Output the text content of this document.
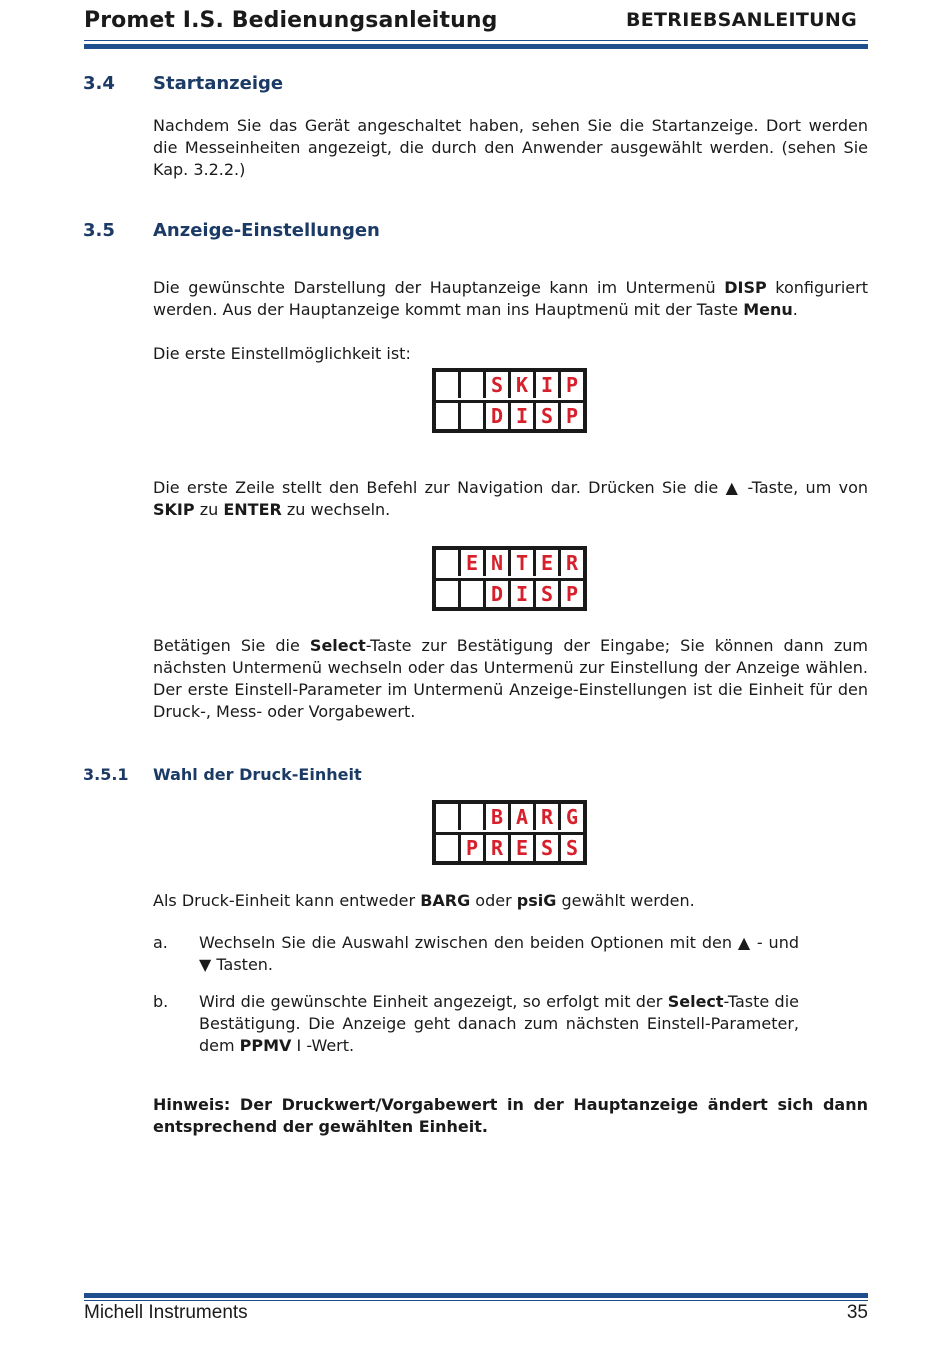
Promet I.S. Bedienungsanleitung	BETRIEBSANLEITUNG
3.4 Startanzeige
Nachdem Sie das Gerät angeschaltet haben, sehen Sie die Startanzeige. Dort werden die Messeinheiten angezeigt, die durch den Anwender ausgewählt werden. (sehen Sie Kap. 3.2.2.)
3.5 Anzeige-Einstellungen
Die gewünschte Darstellung der Hauptanzeige kann im Untermenü DISP konfiguriert werden. Aus der Hauptanzeige kommt man ins Hauptmenü mit der Taste Menu.
Die erste Einstellmöglichkeit ist:
S K I P
D I S P
Die erste Zeile stellt den Befehl zur Navigation dar. Drücken Sie die ▲ -Taste, um von SKIP zu ENTER zu wechseln.
E N T E R
D I S P
Betätigen Sie die Select-Taste zur Bestätigung der Eingabe; Sie können dann zum nächsten Untermenü wechseln oder das Untermenü zur Einstellung der Anzeige wählen. Der erste Einstell-Parameter im Untermenü Anzeige-Einstellungen ist die Einheit für den Druck-, Mess- oder Vorgabewert.
3.5.1 Wahl der Druck-Einheit
B A R G
P R E S S
Als Druck-Einheit kann entweder BARG oder psiG gewählt werden.
a. Wechseln Sie die Auswahl zwischen den beiden Optionen mit den ▲ - und ▼ Tasten.
b. Wird die gewünschte Einheit angezeigt, so erfolgt mit der Select-Taste die Bestätigung. Die Anzeige geht danach zum nächsten Einstell-Parameter, dem PPMV I -Wert.
Hinweis: Der Druckwert/Vorgabewert in der Hauptanzeige ändert sich dann entsprechend der gewählten Einheit.
Michell Instruments	35
